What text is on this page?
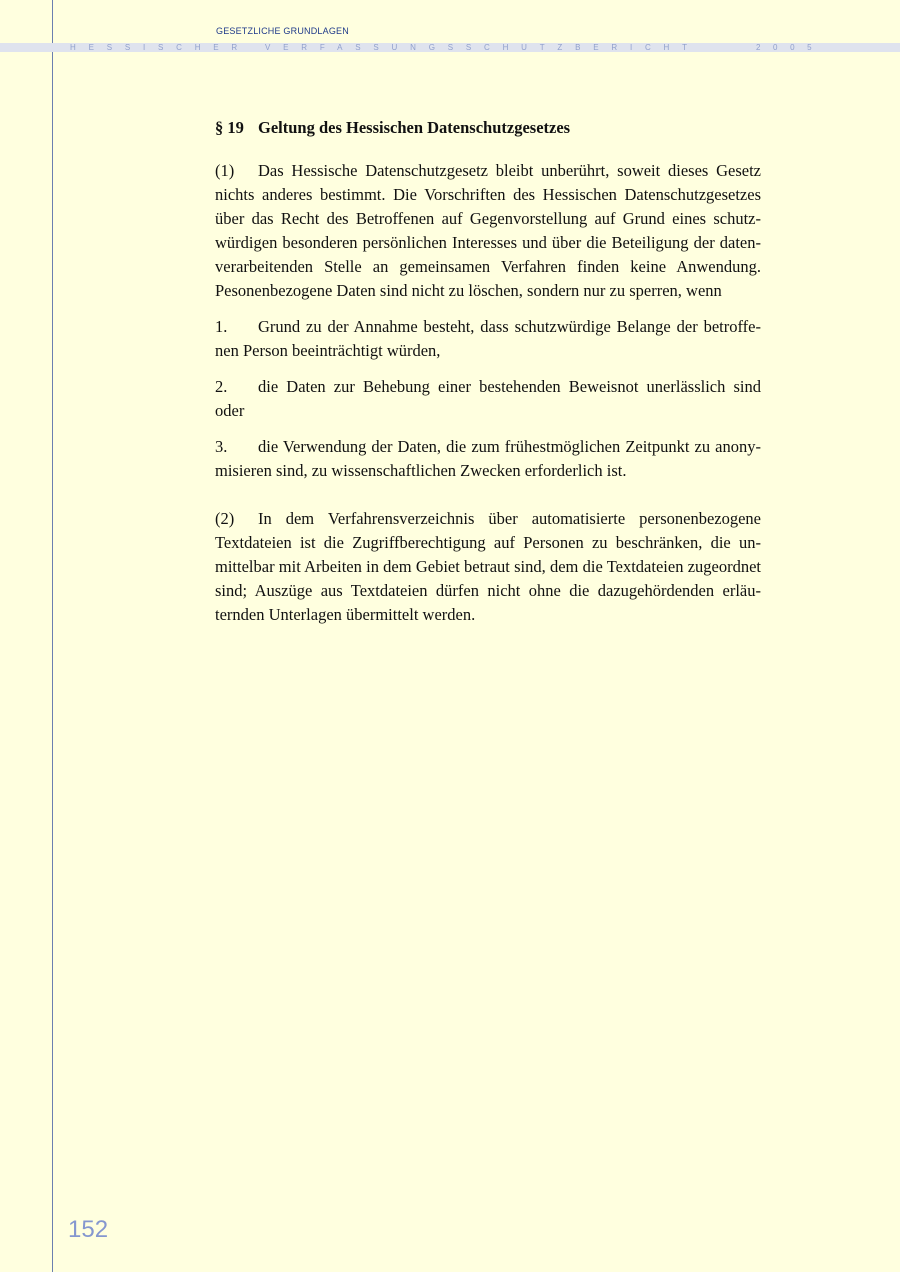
GESETZLICHE GRUNDLAGEN
HESSISCHER VERFASSUNGSSCHUTZBERICHT	2005
§ 19 Geltung des Hessischen Datenschutzgesetzes

(1) Das Hessische Datenschutzgesetz bleibt unberührt, soweit dieses Gesetz nichts anderes bestimmt. Die Vorschriften des Hessischen Datenschutzgesetzes über das Recht des Betroffenen auf Gegenvorstellung auf Grund eines schutzwürdigen besonderen persönlichen Interesses und über die Beteiligung der datenverarbeitenden Stelle an gemeinsamen Verfahren finden keine Anwendung. Pesonenbezogene Daten sind nicht zu löschen, sondern nur zu sperren, wenn

1. Grund zu der Annahme besteht, dass schutzwürdige Belange der betroffenen Person beeinträchtigt würden,

2. die Daten zur Behebung einer bestehenden Beweisnot unerlässlich sind oder

3. die Verwendung der Daten, die zum frühestmöglichen Zeitpunkt zu anonymisieren sind, zu wissenschaftlichen Zwecken erforderlich ist.

(2) In dem Verfahrensverzeichnis über automatisierte personenbezogene Textdateien ist die Zugriffberechtigung auf Personen zu beschränken, die unmittelbar mit Arbeiten in dem Gebiet betraut sind, dem die Textdateien zugeordnet sind; Auszüge aus Textdateien dürfen nicht ohne die dazugehördenden erläuternden Unterlagen übermittelt werden.

152
